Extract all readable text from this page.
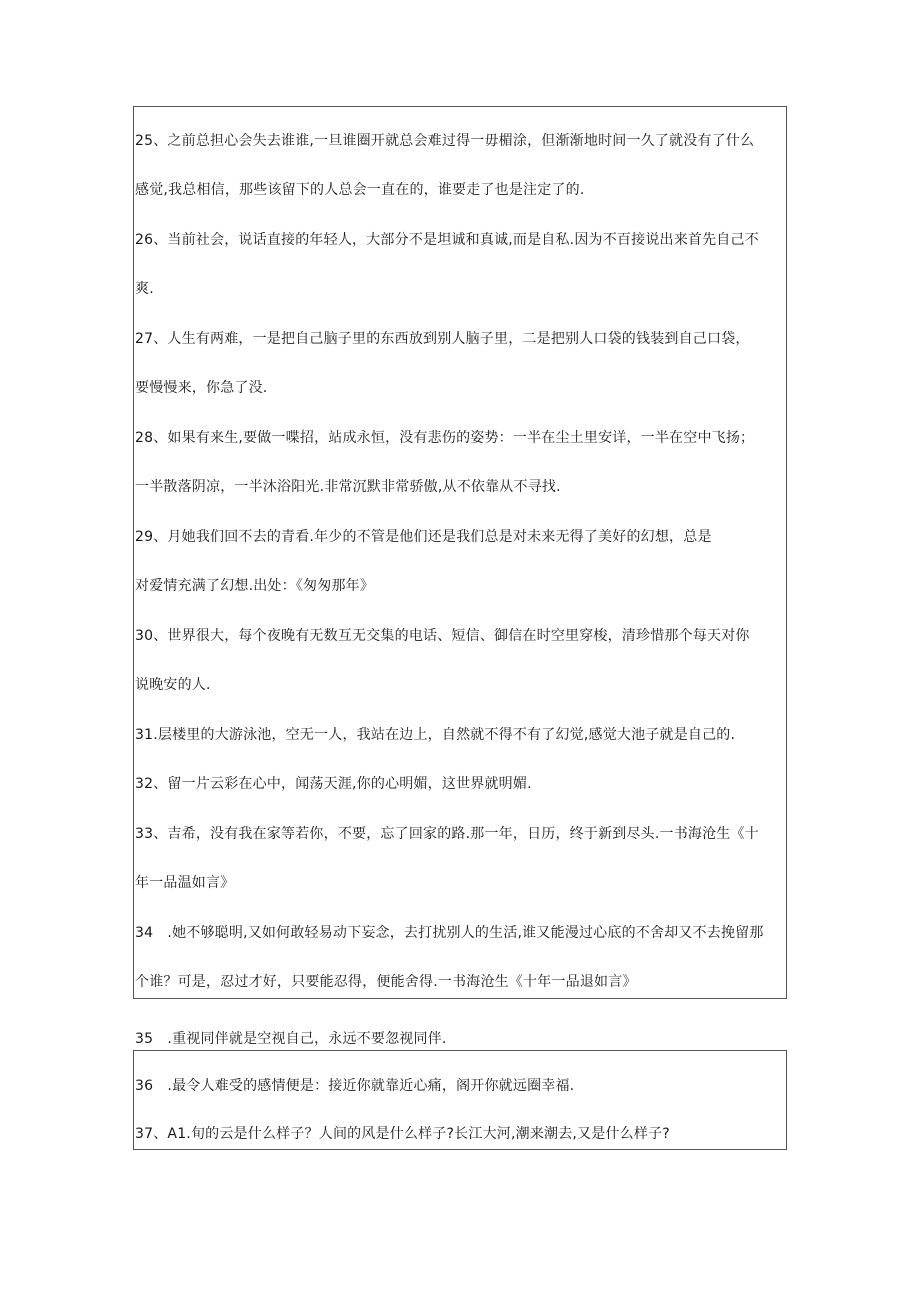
25、之前总担心会失去谁谁,一旦谁圈开就总会难过得一毋楣涂，但渐渐地时间一久了就没有了什么
感觉,我总相信，那些该留下的人总会一直在的，谁要走了也是注定了的.
26、当前社会，说话直接的年轻人，大部分不是坦诚和真诚,而是自私.因为不百接说出来首先自己不
爽.
27、人生有两难，一是把自己脑子里的东西放到别人脑子里，二是把别人口袋的钱装到自己口袋，
要慢慢来，你急了没.
28、如果有来生,要做一喋招，站成永恒，没有悲伤的姿势：一半在尘土里安详，一半在空中飞扬；
一半散落阴凉，一半沐浴阳光.非常沉默非常骄傲,从不依靠从不寻找.
29、月她我们回不去的青看.年少的不管是他们还是我们总是对未来无得了美好的幻想，总是
对爱情充满了幻想.出处：《匆匆那年》
30、世界很大，每个夜晚有无数互无交集的电话、短信、御信在时空里穿梭，清珍惜那个每天对你
说晚安的人.
31.层楼里的大游泳池，空无一人，我站在边上，自然就不得不有了幻觉,感觉大池子就是自己的.
32、留一片云彩在心中，闻荡天涯,你的心明媚，这世界就明媚.
33、吉希，没有我在家等若你，不要，忘了回家的路.那一年，日历，终于新到尽头.一书海沧生《十
年一品温如言》
34　.她不够聪明,又如何敢轻易动下妄念，去打扰别人的生活,谁又能漫过心底的不舍却又不去挽留那
个谁？可是，忍过才好，只要能忍得，便能舍得.一书海沧生《十年一品退如言》
35　.重视同伴就是空视自己，永远不要忽视同伴.
36　.最令人难受的感情便是：接近你就靠近心痛，阁开你就远圈幸福.
37、A1.旬的云是什么样子？人间的风是什么样子?长江大河,潮来潮去,又是什么样子?
